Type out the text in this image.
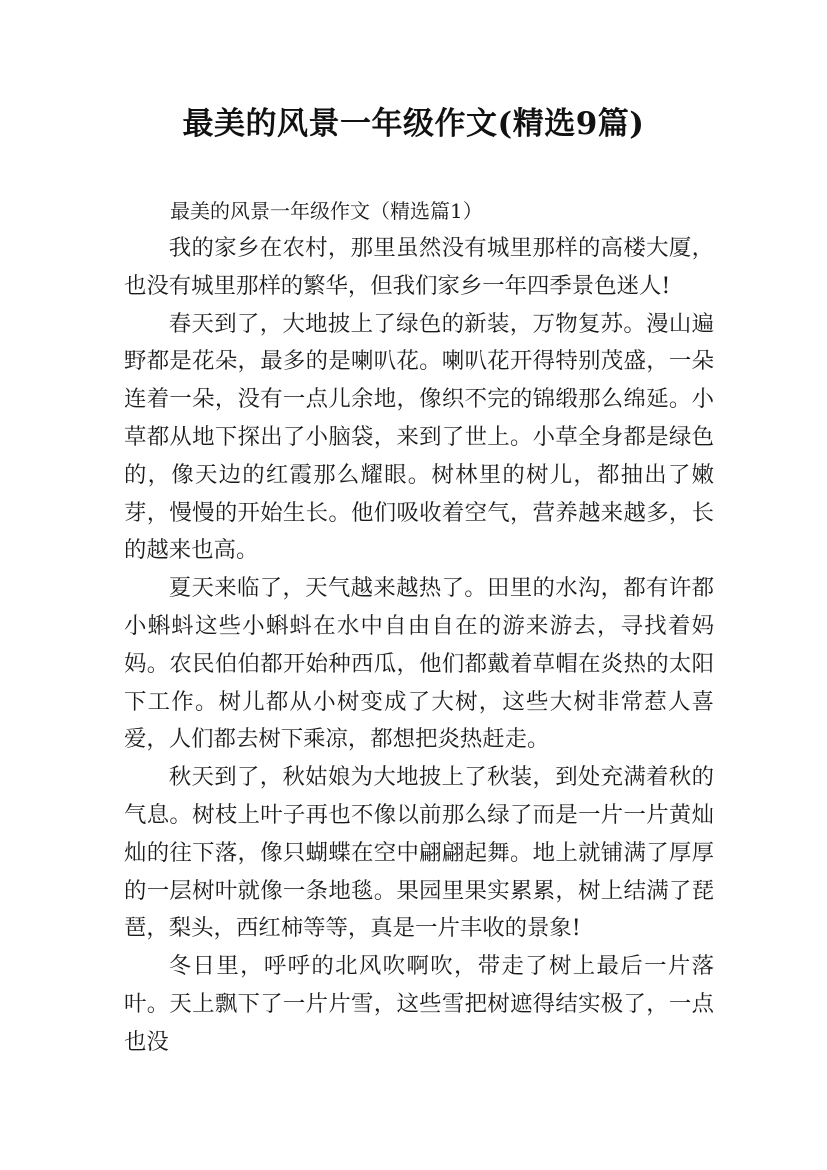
最美的风景一年级作文(精选9篇)

最美的风景一年级作文（精选篇1）

我的家乡在农村，那里虽然没有城里那样的高楼大厦，也没有城里那样的繁华，但我们家乡一年四季景色迷人!

春天到了，大地披上了绿色的新装，万物复苏。漫山遍野都是花朵，最多的是喇叭花。喇叭花开得特别茂盛，一朵连着一朵，没有一点儿余地，像织不完的锦缎那么绵延。小草都从地下探出了小脑袋，来到了世上。小草全身都是绿色的，像天边的红霞那么耀眼。树林里的树儿，都抽出了嫩芽，慢慢的开始生长。他们吸收着空气，营养越来越多，长的越来也高。

夏天来临了，天气越来越热了。田里的水沟，都有许都小蝌蚪这些小蝌蚪在水中自由自在的游来游去，寻找着妈妈。农民伯伯都开始种西瓜，他们都戴着草帽在炎热的太阳下工作。树儿都从小树变成了大树，这些大树非常惹人喜爱，人们都去树下乘凉，都想把炎热赶走。

秋天到了，秋姑娘为大地披上了秋装，到处充满着秋的气息。树枝上叶子再也不像以前那么绿了而是一片一片黄灿灿的往下落，像只蝴蝶在空中翩翩起舞。地上就铺满了厚厚的一层树叶就像一条地毯。果园里果实累累，树上结满了琵琶，梨头，西红柿等等，真是一片丰收的景象!

冬日里，呼呼的北风吹啊吹，带走了树上最后一片落叶。天上飘下了一片片雪，这些雪把树遮得结实极了，一点也没
